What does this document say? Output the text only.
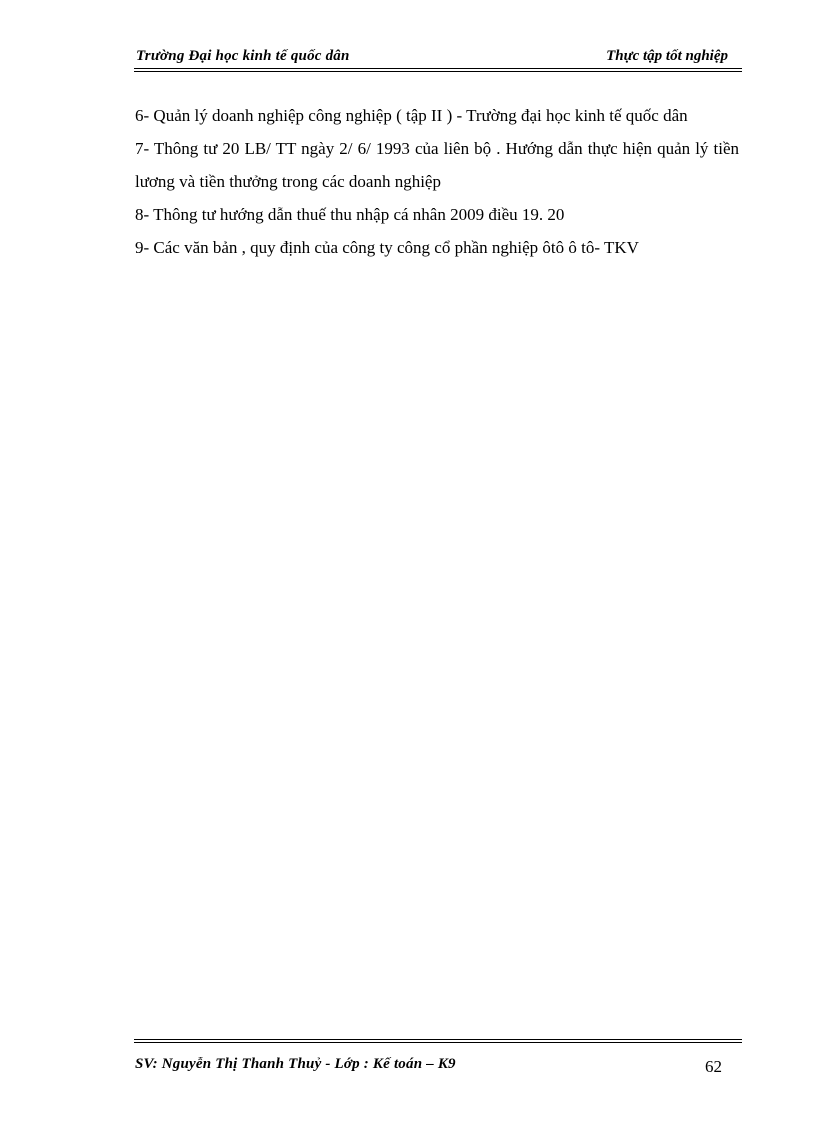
Trường Đại học kinh tế quốc dân	Thực tập tốt nghiệp

6- Quản lý doanh nghiệp công nghiệp ( tập II ) - Trường đại học kinh tế quốc dân

7- Thông tư 20 LB/ TT ngày 2/ 6/ 1993 của liên bộ . Hướng dẫn thực hiện quản lý tiền lương và tiền thưởng trong các doanh nghiệp

8- Thông tư hướng dẫn thuế thu nhập cá nhân 2009 điều 19. 20

9- Các văn bản , quy định của công ty công cổ phần nghiệp ôtô ô tô- TKV

SV: Nguyễn Thị Thanh Thuỷ - Lớp : Kế toán – K9	62
